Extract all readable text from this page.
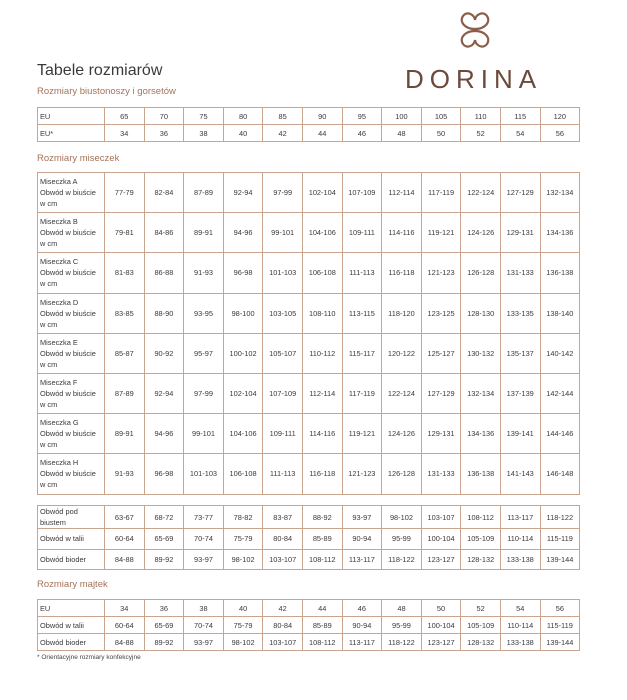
Tabele rozmiarów	DORINA
Rozmiary biustonoszy i gorsetów
EU	65	70	75	80	85	90	95	100	105	110	115	120

EU*	34	36	38	40	42	44	46	48	50	52	54	56
Rozmiary miseczek
Miseczka A
Obwód w biuście
w cm	77-79	82-84	87-89	92-94	97-99	102-104	107-109	112-114	117-119	122-124	127-129	132-134

Miseczka B
Obwód w biuście
w cm	79-81	84-86	89-91	94-96	99-101	104-106	109-111	114-116	119-121	124-126	129-131	134-136

Miseczka C
Obwód w biuście
w cm	81-83	86-88	91-93	96-98	101-103	106-108	111-113	116-118	121-123	126-128	131-133	136-138

Miseczka D
Obwód w biuście
w cm	83-85	88-90	93-95	98-100	103-105	108-110	113-115	118-120	123-125	128-130	133-135	138-140

Miseczka E
Obwód w biuście
w cm	85-87	90-92	95-97	100-102	105-107	110-112	115-117	120-122	125-127	130-132	135-137	140-142

Miseczka F
Obwód w biuście
w cm	87-89	92-94	97-99	102-104	107-109	112-114	117-119	122-124	127-129	132-134	137-139	142-144

Miseczka G
Obwód w biuście
w cm	89-91	94-96	99-101	104-106	109-111	114-116	119-121	124-126	129-131	134-136	139-141	144-146

Miseczka H
Obwód w biuście
w cm	91-93	96-98	101-103	106-108	111-113	116-118	121-123	126-128	131-133	136-138	141-143	146-148
Obwód pod
biustem	63-67	68-72	73-77	78-82	83-87	88-92	93-97	98-102	103-107	108-112	113-117	118-122

Obwód w talii	60-64	65-69	70-74	75-79	80-84	85-89	90-94	95-99	100-104	105-109	110-114	115-119

Obwód bioder	84-88	89-92	93-97	98-102	103-107	108-112	113-117	118-122	123-127	128-132	133-138	139-144
Rozmiary majtek
EU	34	36	38	40	42	44	46	48	50	52	54	56

Obwód w talii	60-64	65-69	70-74	75-79	80-84	85-89	90-94	95-99	100-104	105-109	110-114	115-119

Obwód bioder	84-88	89-92	93-97	98-102	103-107	108-112	113-117	118-122	123-127	128-132	133-138	139-144
* Orientacyjne rozmiary konfekcyjne
